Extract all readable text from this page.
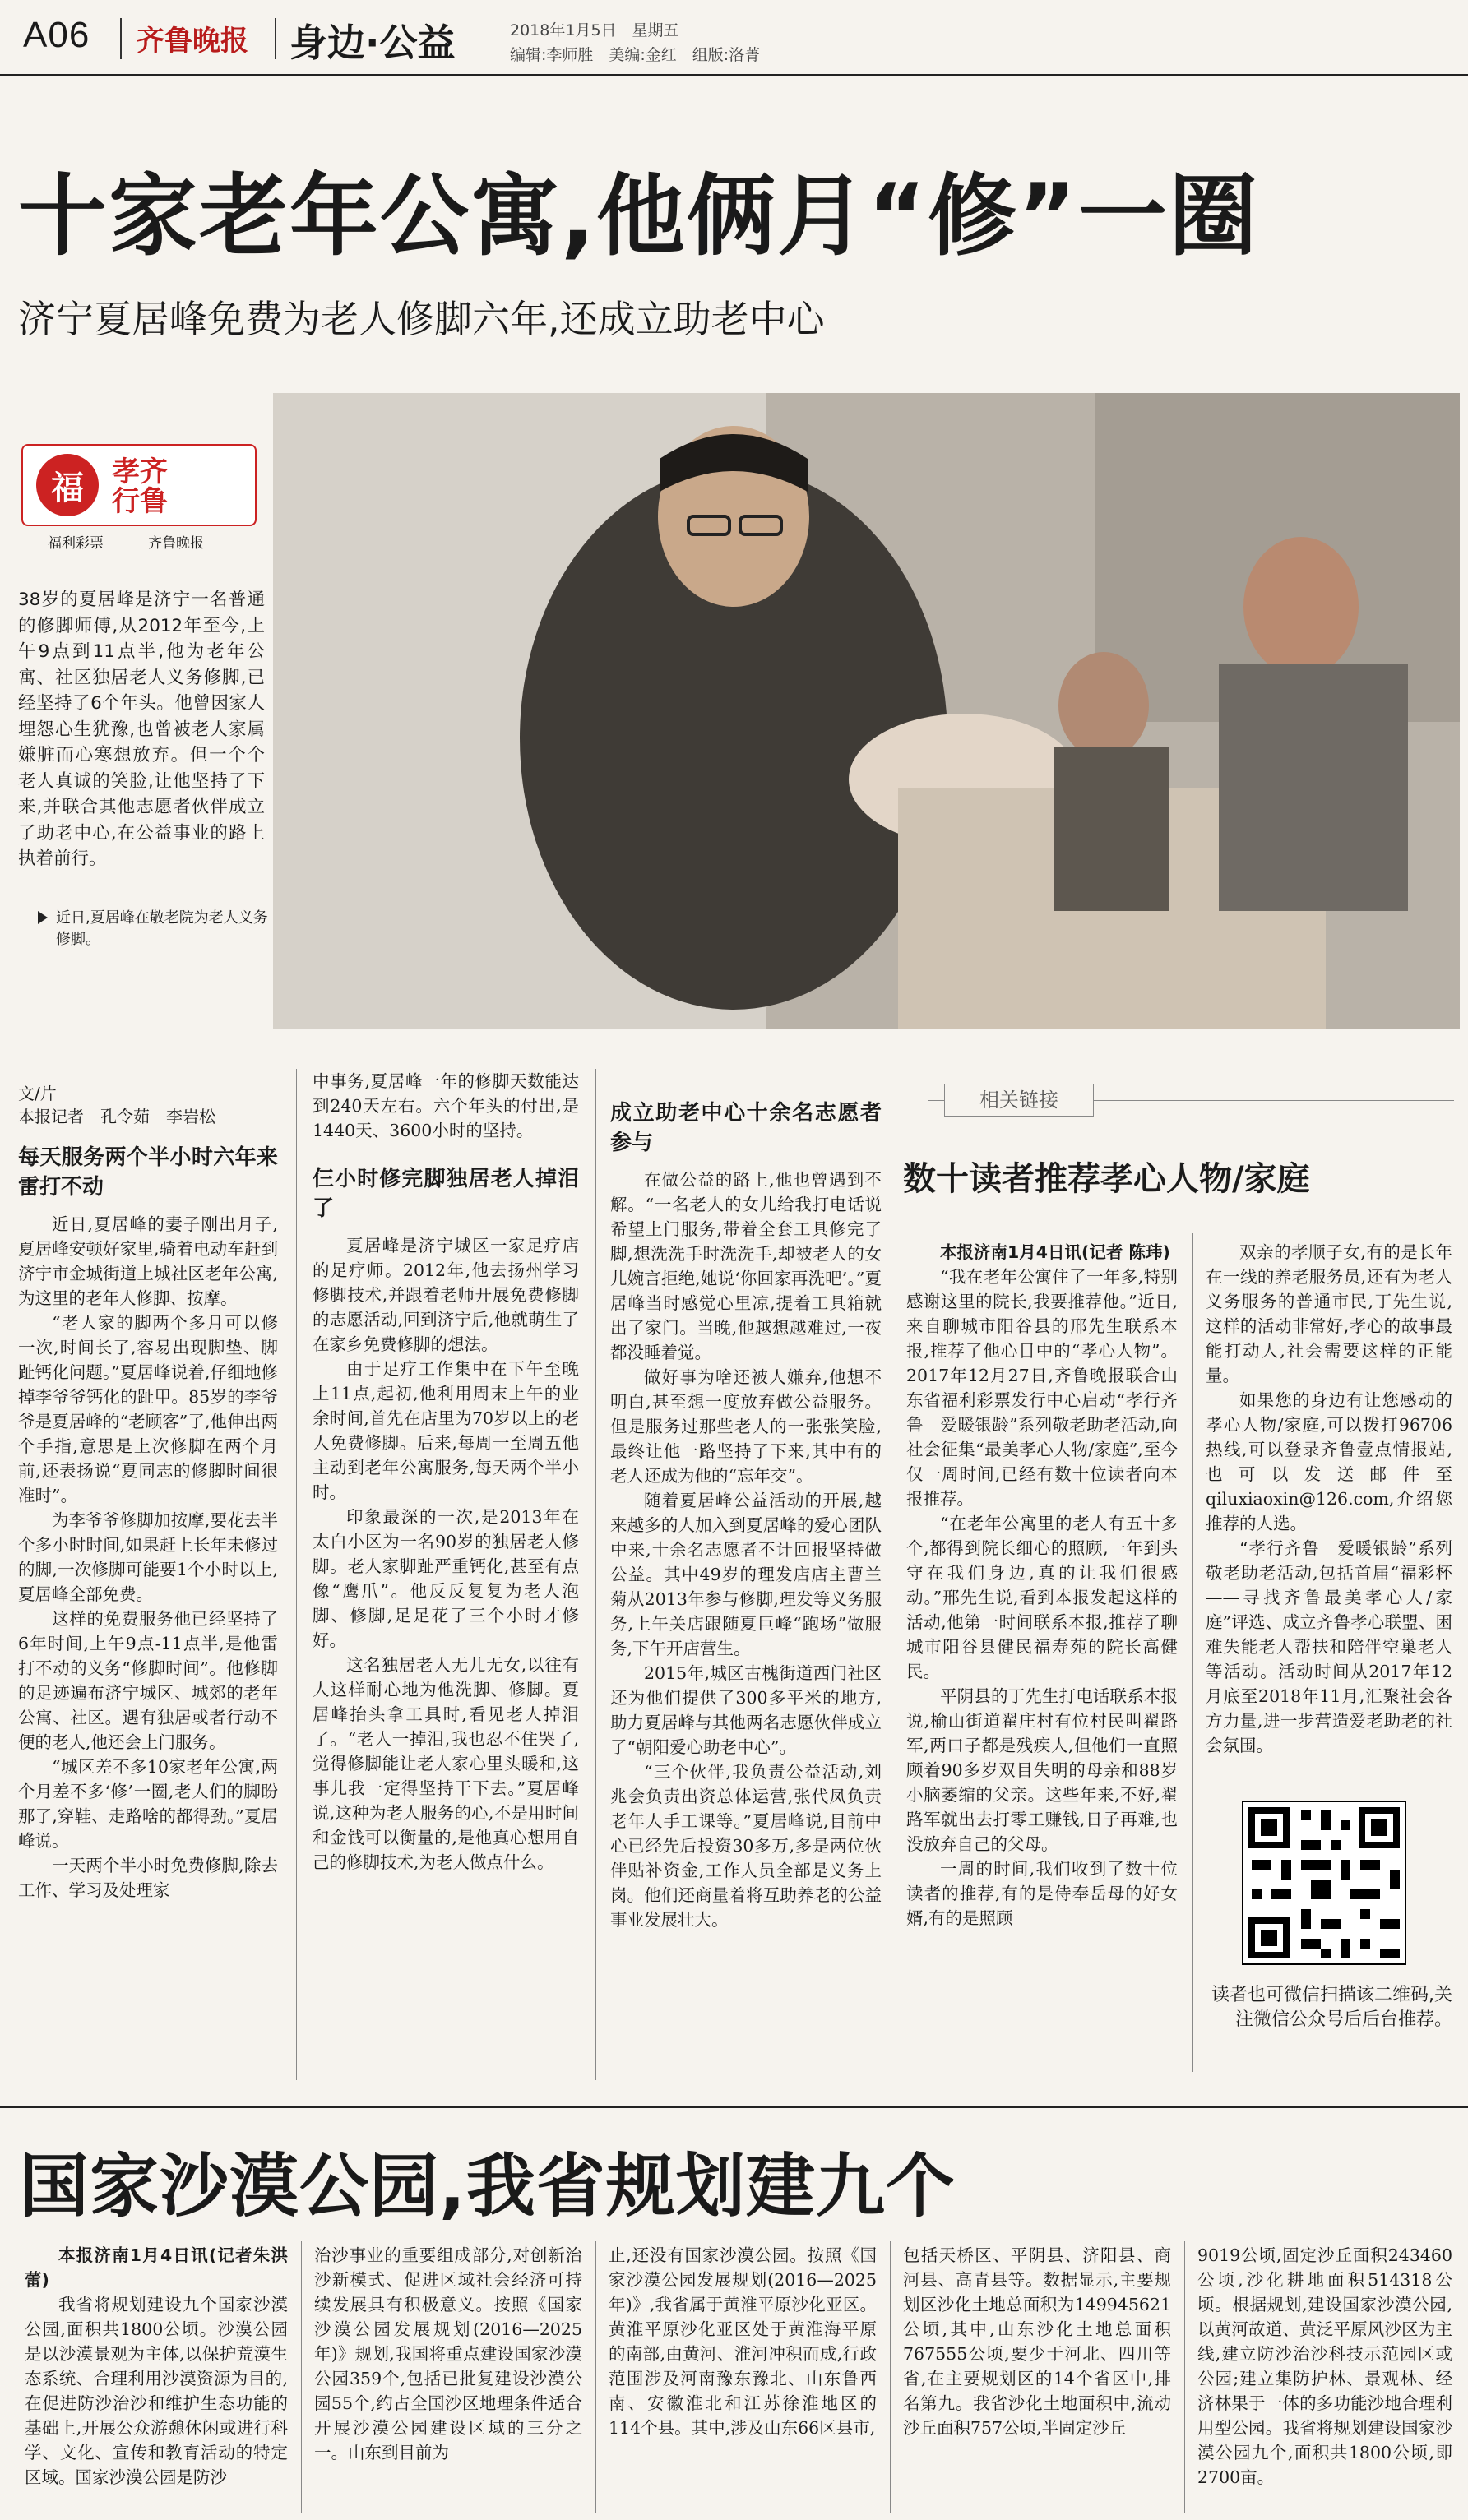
A06 齐鲁晚报 身边·公益	2018年1月5日　星期五
编辑:李师胜　美编:金红　组版:洛菁
十家老年公寓,他俩月“修”一圈
济宁夏居峰免费为老人修脚六年,还成立助老中心
福	孝齐
行鲁
福利彩票	齐鲁晚报
38岁的夏居峰是济宁一名普通的修脚师傅,从2012年至今,上午9点到11点半,他为老年公寓、社区独居老人义务修脚,已经坚持了6个年头。他曾因家人埋怨心生犹豫,也曾被老人家属嫌脏而心寒想放弃。但一个个老人真诚的笑脸,让他坚持了下来,并联合其他志愿者伙伴成立了助老中心,在公益事业的路上执着前行。
近日,夏居峰在敬老院为老人义务修脚。
文/片
本报记者　孔令茹　李岩松
每天服务两个半小时六年来雷打不动

近日,夏居峰的妻子刚出月子,夏居峰安顿好家里,骑着电动车赶到济宁市金城街道上城社区老年公寓,为这里的老年人修脚、按摩。

“老人家的脚两个多月可以修一次,时间长了,容易出现脚垫、脚趾钙化问题。”夏居峰说着,仔细地修掉李爷爷钙化的趾甲。85岁的李爷爷是夏居峰的“老顾客”了,他伸出两个手指,意思是上次修脚在两个月前,还表扬说“夏同志的修脚时间很准时”。

为李爷爷修脚加按摩,要花去半个多小时时间,如果赶上长年未修过的脚,一次修脚可能要1个小时以上,夏居峰全部免费。

这样的免费服务他已经坚持了6年时间,上午9点-11点半,是他雷打不动的义务“修脚时间”。他修脚的足迹遍布济宁城区、城郊的老年公寓、社区。遇有独居或者行动不便的老人,他还会上门服务。

“城区差不多10家老年公寓,两个月差不多‘修’一圈,老人们的脚盼那了,穿鞋、走路啥的都得劲。”夏居峰说。

一天两个半小时免费修脚,除去工作、学习及处理家

中事务,夏居峰一年的修脚天数能达到240天左右。六个年头的付出,是1440天、3600小时的坚持。

仨小时修完脚独居老人掉泪了

夏居峰是济宁城区一家足疗店的足疗师。2012年,他去扬州学习修脚技术,并跟着老师开展免费修脚的志愿活动,回到济宁后,他就萌生了在家乡免费修脚的想法。

由于足疗工作集中在下午至晚上11点,起初,他利用周末上午的业余时间,首先在店里为70岁以上的老人免费修脚。后来,每周一至周五他主动到老年公寓服务,每天两个半小时。

印象最深的一次,是2013年在太白小区为一名90岁的独居老人修脚。老人家脚趾严重钙化,甚至有点像“鹰爪”。他反反复复为老人泡脚、修脚,足足花了三个小时才修好。

这名独居老人无儿无女,以往有人这样耐心地为他洗脚、修脚。夏居峰抬头拿工具时,看见老人掉泪了。“老人一掉泪,我也忍不住哭了,觉得修脚能让老人家心里头暖和,这事儿我一定得坚持干下去。”夏居峰说,这种为老人服务的心,不是用时间和金钱可以衡量的,是他真心想用自己的修脚技术,为老人做点什么。

成立助老中心十余名志愿者参与

在做公益的路上,他也曾遇到不解。“一名老人的女儿给我打电话说希望上门服务,带着全套工具修完了脚,想洗洗手时洗洗手,却被老人的女儿婉言拒绝,她说‘你回家再洗吧’。”夏居峰当时感觉心里凉,提着工具箱就出了家门。当晚,他越想越难过,一夜都没睡着觉。

做好事为啥还被人嫌弃,他想不明白,甚至想一度放弃做公益服务。但是服务过那些老人的一张张笑脸,最终让他一路坚持了下来,其中有的老人还成为他的“忘年交”。

随着夏居峰公益活动的开展,越来越多的人加入到夏居峰的爱心团队中来,十余名志愿者不计回报坚持做公益。其中49岁的理发店店主曹兰菊从2013年参与修脚,理发等义务服务,上午关店跟随夏巨峰“跑场”做服务,下午开店营生。

2015年,城区古槐街道西门社区还为他们提供了300多平米的地方,助力夏居峰与其他两名志愿伙伴成立了“朝阳爱心助老中心”。

“三个伙伴,我负责公益活动,刘兆会负责出资总体运营,张代凤负责老年人手工课等。”夏居峰说,目前中心已经先后投资30多万,多是两位伙伴贴补资金,工作人员全部是义务上岗。他们还商量着将互助养老的公益事业发展壮大。

相关链接
数十读者推荐孝心人物/家庭

本报济南1月4日讯(记者 陈玮)

“我在老年公寓住了一年多,特别感谢这里的院长,我要推荐他。”近日,来自聊城市阳谷县的邢先生联系本报,推荐了他心目中的“孝心人物”。2017年12月27日,齐鲁晚报联合山东省福利彩票发行中心启动“孝行齐鲁　爱暖银龄”系列敬老助老活动,向社会征集“最美孝心人物/家庭”,至今仅一周时间,已经有数十位读者向本报推荐。

“在老年公寓里的老人有五十多个,都得到院长细心的照顾,一年到头守在我们身边,真的让我们很感动。”邢先生说,看到本报发起这样的活动,他第一时间联系本报,推荐了聊城市阳谷县健民福寿苑的院长高健民。

平阴县的丁先生打电话联系本报说,榆山街道翟庄村有位村民叫翟路军,两口子都是残疾人,但他们一直照顾着90多岁双目失明的母亲和88岁小脑萎缩的父亲。这些年来,不好,翟路军就出去打零工赚钱,日子再难,也没放弃自己的父母。

一周的时间,我们收到了数十位读者的推荐,有的是侍奉岳母的好女婿,有的是照顾

双亲的孝顺子女,有的是长年在一线的养老服务员,还有为老人义务服务的普通市民,丁先生说,这样的活动非常好,孝心的故事最能打动人,社会需要这样的正能量。

如果您的身边有让您感动的孝心人物/家庭,可以拨打96706热线,可以登录齐鲁壹点情报站,也可以发送邮件至qiluxiaoxin@126.com,介绍您推荐的人选。

“孝行齐鲁　爱暖银龄”系列敬老助老活动,包括首届“福彩杯——寻找齐鲁最美孝心人/家庭”评选、成立齐鲁孝心联盟、困难失能老人帮扶和陪伴空巢老人等活动。活动时间从2017年12月底至2018年11月,汇聚社会各方力量,进一步营造爱老助老的社会氛围。

读者也可微信扫描该二维码,关注微信公众号后后台推荐。
国家沙漠公园,我省规划建九个

本报济南1月4日讯(记者朱洪蕾)

我省将规划建设九个国家沙漠公园,面积共1800公顷。沙漠公园是以沙漠景观为主体,以保护荒漠生态系统、合理利用沙漠资源为目的,在促进防沙治沙和维护生态功能的基础上,开展公众游憩休闲或进行科学、文化、宣传和教育活动的特定区域。国家沙漠公园是防沙

治沙事业的重要组成部分,对创新治沙新模式、促进区域社会经济可持续发展具有积极意义。按照《国家沙漠公园发展规划(2016—2025年)》规划,我国将重点建设国家沙漠公园359个,包括已批复建设沙漠公园55个,约占全国沙区地理条件适合开展沙漠公园建设区域的三分之一。山东到目前为

止,还没有国家沙漠公园。按照《国家沙漠公园发展规划(2016—2025年)》,我省属于黄淮平原沙化亚区。黄淮平原沙化亚区处于黄淮海平原的南部,由黄河、淮河冲积而成,行政范围涉及河南豫东豫北、山东鲁西南、安徽淮北和江苏徐淮地区的114个县。其中,涉及山东66区县市,

包括天桥区、平阴县、济阳县、商河县、高青县等。数据显示,主要规划区沙化土地总面积为149945621公顷,其中,山东沙化土地总面积767555公顷,要少于河北、四川等省,在主要规划区的14个省区中,排名第九。我省沙化土地面积中,流动沙丘面积757公顷,半固定沙丘

9019公顷,固定沙丘面积243460公顷,沙化耕地面积514318公顷。根据规划,建设国家沙漠公园,以黄河故道、黄泛平原风沙区为主线,建立防沙治沙科技示范园区或公园;建立集防护林、景观林、经济林果于一体的多功能沙地合理利用型公园。我省将规划建设国家沙漠公园九个,面积共1800公顷,即2700亩。
